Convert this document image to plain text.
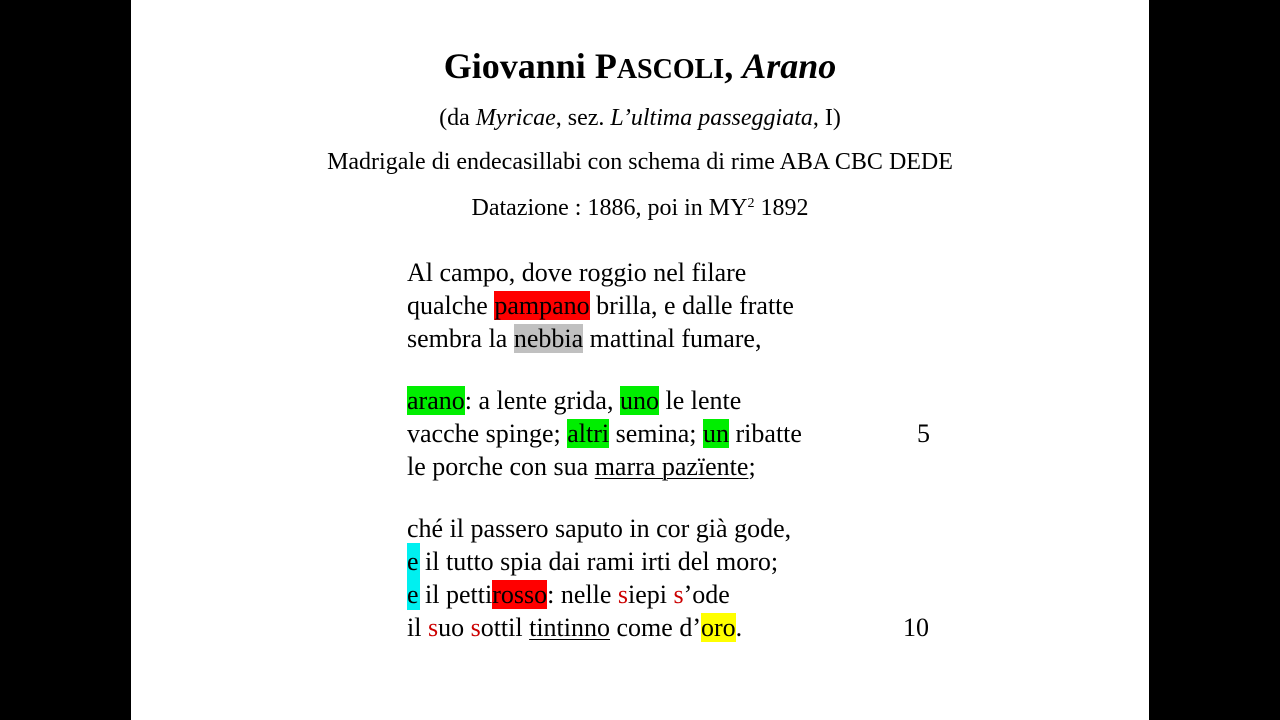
Giovanni PASCOLI, Arano
(da Myricae, sez. L’ultima passeggiata, I)
Madrigale di endecasillabi con schema di rime ABA CBC DEDE
Datazione : 1886, poi in $MY^2$ 1892
Al campo, dove roggio nel filare
qualche pampano brilla, e dalle fratte
sembra la nebbia mattinal fumare,
arano: a lente grida, uno le lente
vacche spinge; altri semina; un ribatte
le porche con sua marra pazïente;
ché il passero saputo in cor già gode,
e il tutto spia dai rami irti del moro;
e il pettirosso: nelle siepi s’ode
il suo sottil tintinno come d’oro.
5
10
